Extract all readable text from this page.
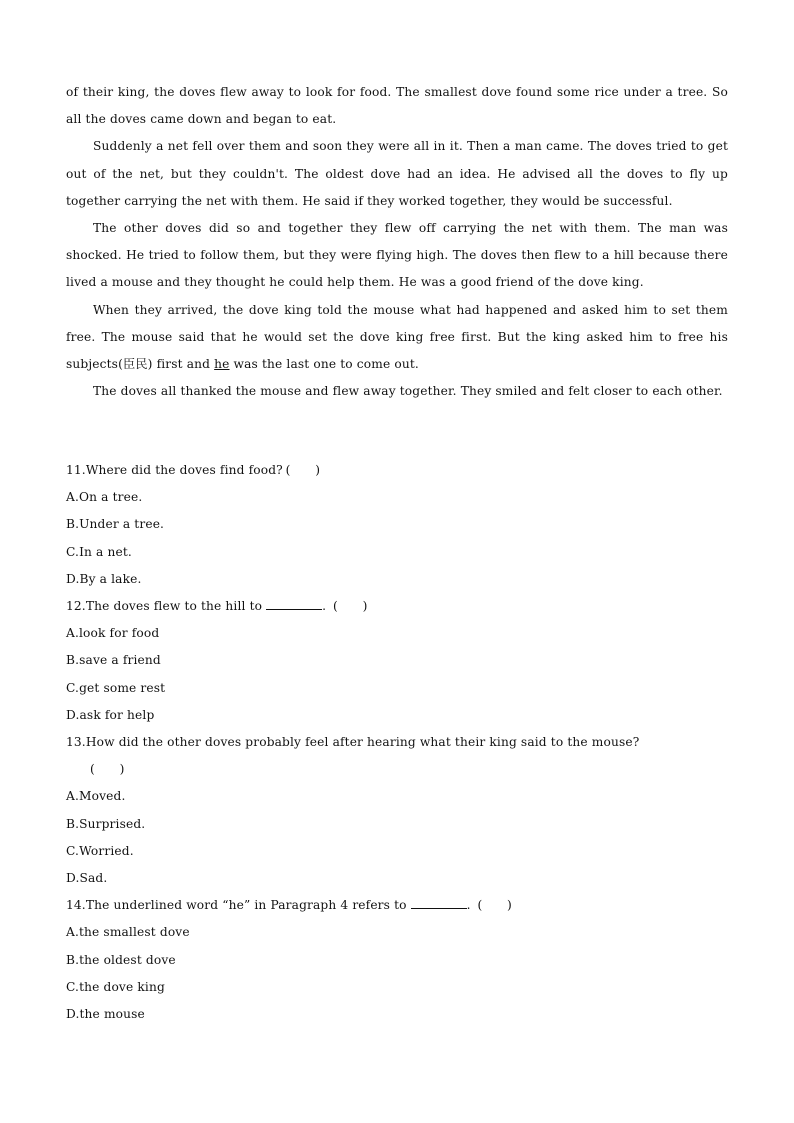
of their king, the doves flew away to look for food. The smallest dove found some rice under a tree. So all the doves came down and began to eat.

Suddenly a net fell over them and soon they were all in it. Then a man came. The doves tried to get out of the net, but they couldn't. The oldest dove had an idea. He advised all the doves to fly up together carrying the net with them. He said if they worked together, they would be successful.

The other doves did so and together they flew off carrying the net with them. The man was shocked. He tried to follow them, but they were flying high. The doves then flew to a hill because there lived a mouse and they thought he could help them. He was a good friend of the dove king.

When they arrived, the dove king told the mouse what had happened and asked him to set them free. The mouse said that he would set the dove king free first. But the king asked him to free his subjects(臣民) first and he was the last one to come out.

The doves all thanked the mouse and flew away together. They smiled and felt closer to each other.

11.Where did the doves find food? (　　)

A.On a tree.

B.Under a tree.

C.In a net.

D.By a lake.

12.The doves flew to the hill to	. (　　)

A.look for food

B.save a friend

C.get some rest

D.ask for help

13.How did the other doves probably feel after hearing what their king said to the mouse?
(　　)

A.Moved.

B.Surprised.

C.Worried.

D.Sad.

14.The underlined word “he” in Paragraph 4 refers to	. (　　)

A.the smallest dove

B.the oldest dove

C.the dove king

D.the mouse
